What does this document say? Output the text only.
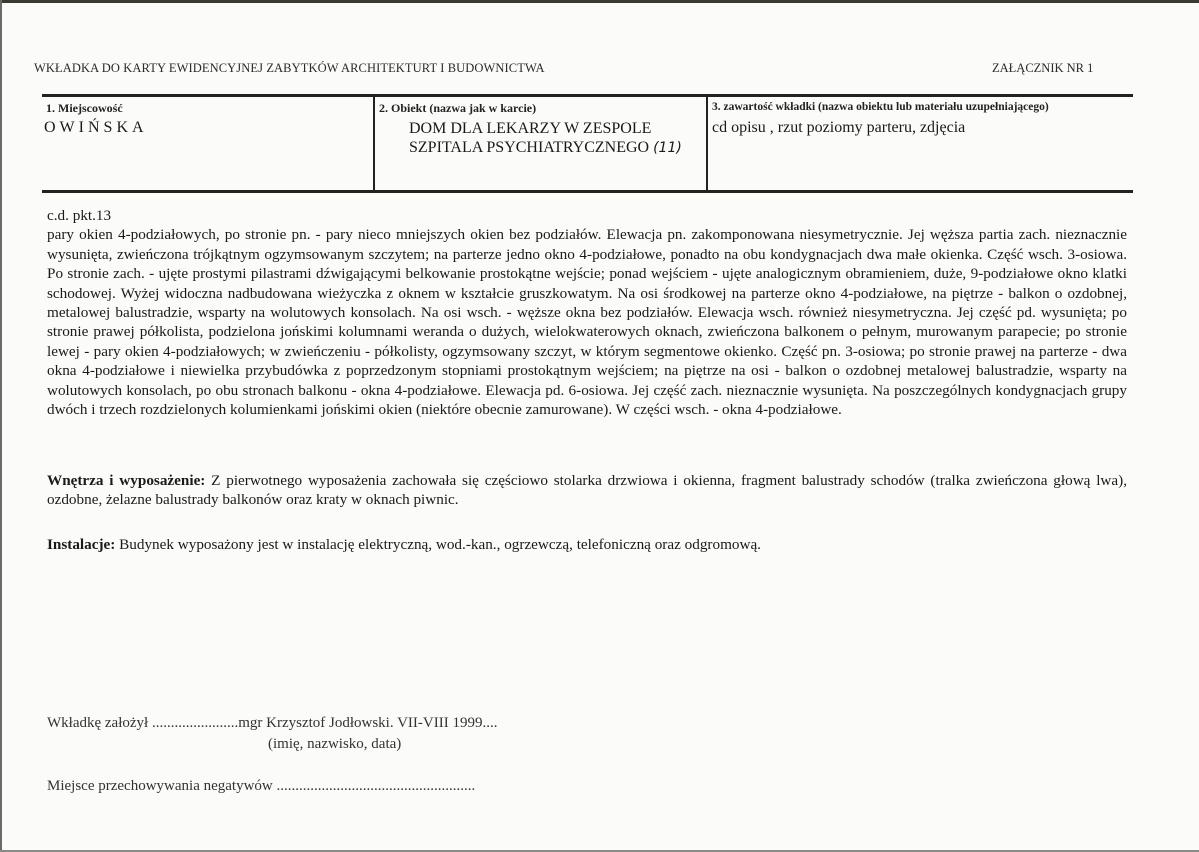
WKŁADKA DO KARTY EWIDENCYJNEJ ZABYTKÓW ARCHITEKTURT I BUDOWNICTWA	ZAŁĄCZNIK NR 1
1. Miejscowość
OWIŃSKA
2. Obiekt (nazwa jak w karcie)
DOM DLA LEKARZY W ZESPOLE
SZPITALA PSYCHIATRYCZNEGO (11)
3. zawartość wkładki (nazwa obiektu lub materiału uzupełniającego)
cd opisu , rzut poziomy parteru, zdjęcia

c.d. pkt.13

pary okien 4-podziałowych, po stronie pn. - pary nieco mniejszych okien bez podziałów. Elewacja pn. zakomponowana niesymetrycznie. Jej węższa partia zach. nieznacznie wysunięta, zwieńczona trójkątnym ogzymsowanym szczytem; na parterze jedno okno 4-podziałowe, ponadto na obu kondygnacjach dwa małe okienka. Część wsch. 3-osiowa. Po stronie zach. - ujęte prostymi pilastrami dźwigającymi belkowanie prostokątne wejście; ponad wejściem - ujęte analogicznym obramieniem, duże, 9-podziałowe okno klatki schodowej. Wyżej widoczna nadbudowana wieżyczka z oknem w kształcie gruszkowatym. Na osi środkowej na parterze okno 4-podziałowe, na piętrze - balkon o ozdobnej, metalowej balustradzie, wsparty na wolutowych konsolach. Na osi wsch. - węższe okna bez podziałów. Elewacja wsch. również niesymetryczna. Jej część pd. wysunięta; po stronie prawej półkolista, podzielona jońskimi kolumnami weranda o dużych, wielokwaterowych oknach, zwieńczona balkonem o pełnym, murowanym parapecie; po stronie lewej - pary okien 4-podziałowych; w zwieńczeniu - półkolisty, ogzymsowany szczyt, w którym segmentowe okienko. Część pn. 3-osiowa; po stronie prawej na parterze - dwa okna 4-podziałowe i niewielka przybudówka z poprzedzonym stopniami prostokątnym wejściem; na piętrze na osi - balkon o ozdobnej metalowej balustradzie, wsparty na wolutowych konsolach, po obu stronach balkonu - okna 4-podziałowe. Elewacja pd. 6-osiowa. Jej część zach. nieznacznie wysunięta. Na poszczególnych kondygnacjach grupy dwóch i trzech rozdzielonych kolumienkami jońskimi okien (niektóre obecnie zamurowane). W części wsch. - okna 4-podziałowe.

Wnętrza i wyposażenie: Z pierwotnego wyposażenia zachowała się częściowo stolarka drzwiowa i okienna, fragment balustrady schodów (tralka zwieńczona głową lwa), ozdobne, żelazne balustrady balkonów oraz kraty w oknach piwnic.
Instalacje: Budynek wyposażony jest w instalację elektryczną, wod.-kan., ogrzewczą, telefoniczną oraz odgromową.
Wkładkę założył .......................mgr Krzysztof Jodłowski. VII-VIII 1999....
(imię, nazwisko, data)
Miejsce przechowywania negatywów .....................................................
